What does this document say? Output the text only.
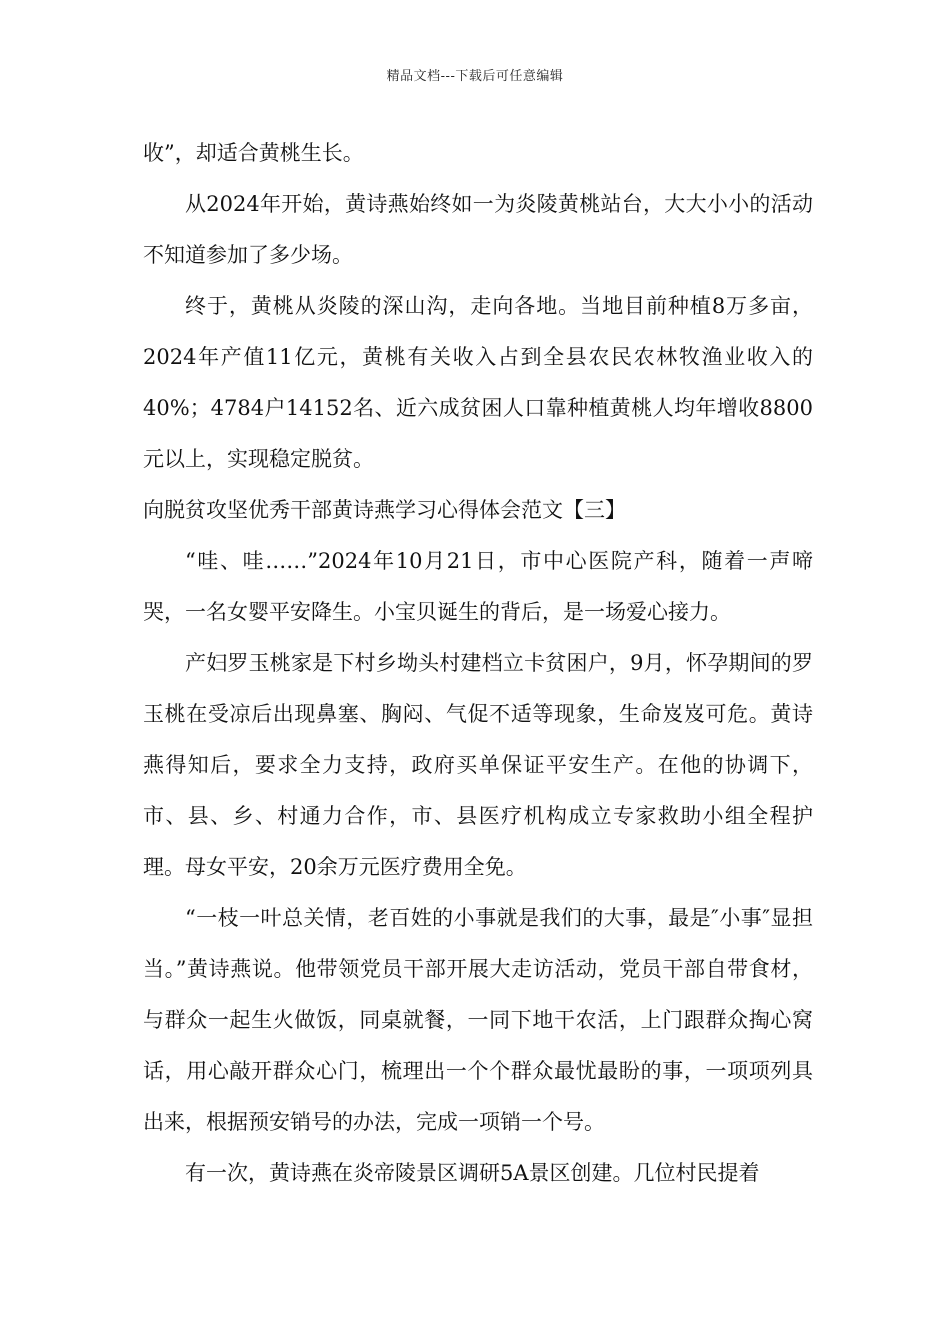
精品文档---下载后可任意编辑

收”，却适合黄桃生长。

从2024年开始，黄诗燕始终如一为炎陵黄桃站台，大大小小的活动不知道参加了多少场。

终于，黄桃从炎陵的深山沟，走向各地。当地目前种植8万多亩，2024年产值11亿元，黄桃有关收入占到全县农民农林牧渔业收入的40%；4784户14152名、近六成贫困人口靠种植黄桃人均年增收8800元以上，实现稳定脱贫。

向脱贫攻坚优秀干部黄诗燕学习心得体会范文【三】

“哇、哇……”2024年10月21日，市中心医院产科，随着一声啼哭，一名女婴平安降生。小宝贝诞生的背后，是一场爱心接力。

产妇罗玉桃家是下村乡坳头村建档立卡贫困户，9月，怀孕期间的罗玉桃在受凉后出现鼻塞、胸闷、气促不适等现象，生命岌岌可危。黄诗燕得知后，要求全力支持，政府买单保证平安生产。在他的协调下，市、县、乡、村通力合作，市、县医疗机构成立专家救助小组全程护理。母女平安，20余万元医疗费用全免。

“一枝一叶总关情，老百姓的小事就是我们的大事，最是″小事″显担当。”黄诗燕说。他带领党员干部开展大走访活动，党员干部自带食材，与群众一起生火做饭，同桌就餐，一同下地干农活，上门跟群众掏心窝话，用心敲开群众心门，梳理出一个个群众最忧最盼的事，一项项列具出来，根据预安销号的办法，完成一项销一个号。

有一次，黄诗燕在炎帝陵景区调研5A景区创建。几位村民提着
